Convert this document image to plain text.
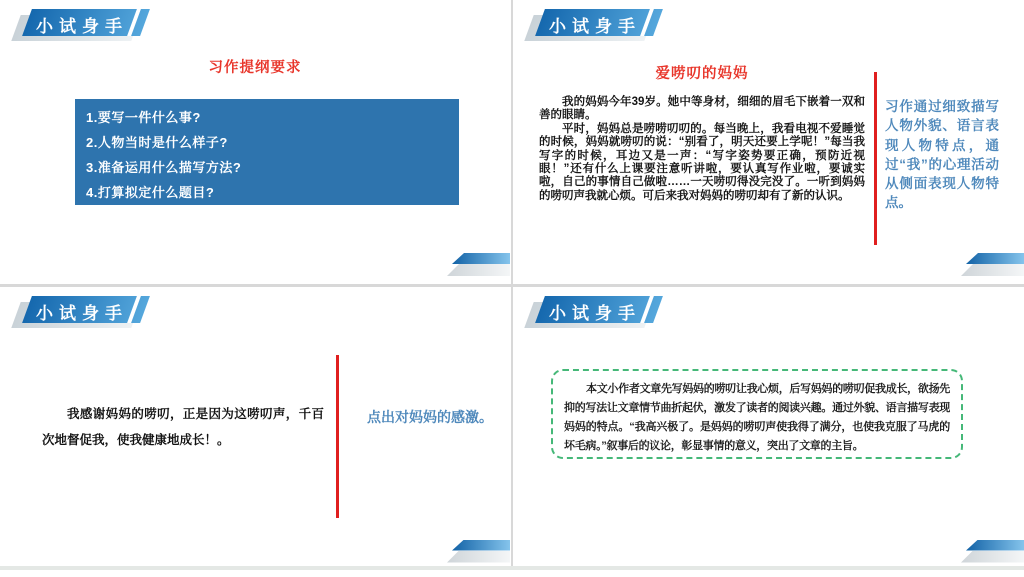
小试身手
习作提纲要求
1.要写一件什么事?
2.人物当时是什么样子?
3.准备运用什么描写方法?
4.打算拟定什么题目?
小试身手
爱唠叨的妈妈

我的妈妈今年39岁。她中等身材，细细的眉毛下嵌着一双和善的眼睛。

平时，妈妈总是唠唠叨叨的。每当晚上，我看电视不爱睡觉的时候，妈妈就唠叨的说：“别看了，明天还要上学呢！”每当我写字的时候，耳边又是一声：“写字姿势要正确，预防近视眼！”还有什么上课要注意听讲啦，要认真写作业啦，要诚实啦，自己的事情自己做啦……一天唠叨得没完没了。一听到妈妈的唠叨声我就心烦。可后来我对妈妈的唠叨却有了新的认识。

习作通过细致描写人物外貌、语言表现人物特点，通过“我”的心理活动从侧面表现人物特点。
小试身手
我感谢妈妈的唠叨，正是因为这唠叨声，千百次地督促我，使我健康地成长！。
点出对妈妈的感激。
小试身手
本文小作者文章先写妈妈的唠叨让我心烦，后写妈妈的唠叨促我成长，欲扬先抑的写法让文章情节曲折起伏，激发了读者的阅读兴趣。通过外貌、语言描写表现妈妈的特点。“我高兴极了。是妈妈的唠叨声使我得了满分，也使我克服了马虎的坏毛病。”叙事后的议论，彰显事情的意义，突出了文章的主旨。
